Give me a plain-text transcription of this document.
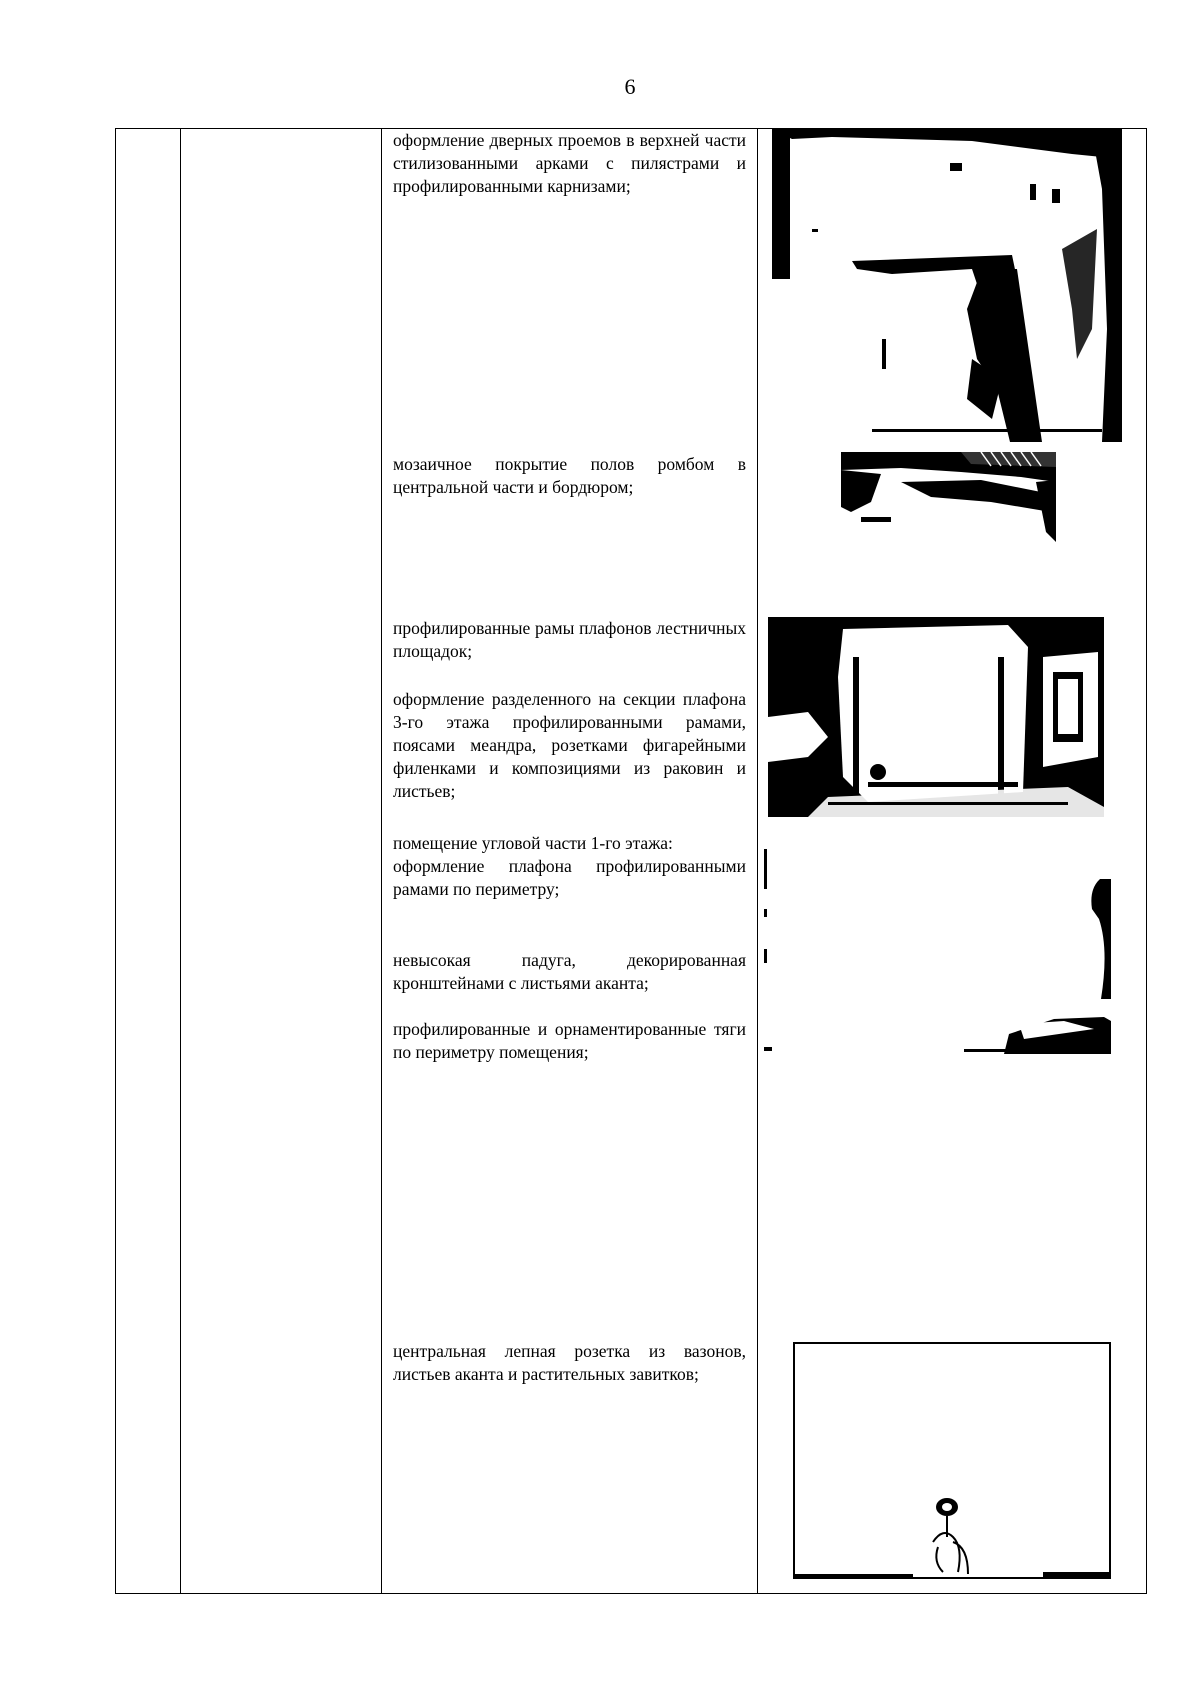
6
оформление дверных проемов в верхней части стилизованными арками с пилястрами и профилированными карнизами;
мозаичное покрытие полов ромбом в центральной части и бордюром;
профилированные рамы плафонов лестничных площадок;
оформление разделенного на секции плафона 3-го этажа профилированными рамами, поясами меандра, розетками фигарейными филенками и композициями из раковин и листьев;
помещение угловой части 1-го этажа:
оформление плафона профилированными рамами по периметру;
невысокая падуга, декорированная кронштейнами с листьями аканта;
профилированные и орнаментированные тяги по периметру помещения;
центральная лепная розетка из вазонов, листьев аканта и растительных завитков;
